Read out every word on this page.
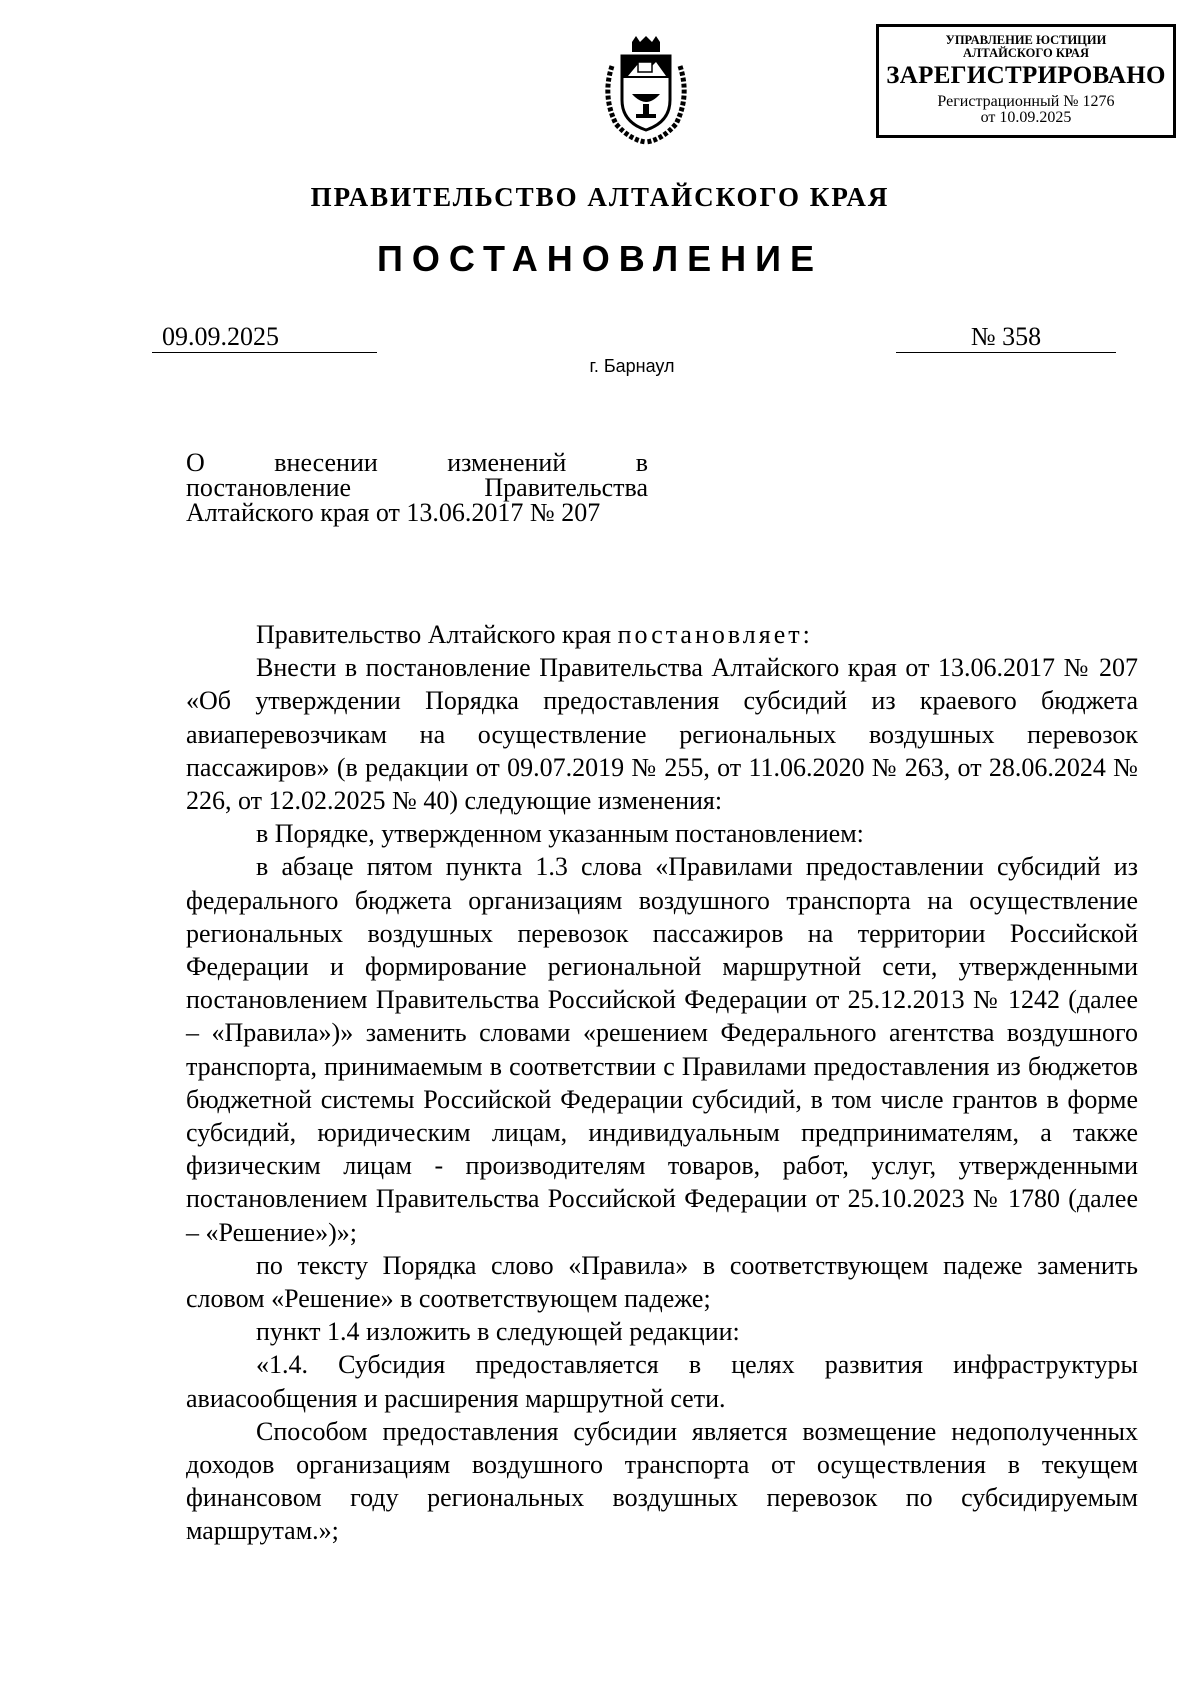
УПРАВЛЕНИЕ ЮСТИЦИИ
АЛТАЙСКОГО КРАЯ
ЗАРЕГИСТРИРОВАНО
Регистрационный № 1276
от 10.09.2025
ПРАВИТЕЛЬСТВО АЛТАЙСКОГО КРАЯ
ПОСТАНОВЛЕНИЕ
09.09.2025	№ 358
г. Барнаул
О внесении изменений в
постановление Правительства
Алтайского края от 13.06.2017 № 207

Правительство Алтайского края постановляет:

Внести в постановление Правительства Алтайского края от 13.06.2017 № 207 «Об утверждении Порядка предоставления субсидий из краевого бюджета авиаперевозчикам на осуществление региональных воздушных перевозок пассажиров» (в редакции от 09.07.2019 № 255, от 11.06.2020 № 263, от 28.06.2024 № 226, от 12.02.2025 № 40) следующие изменения:

в Порядке, утвержденном указанным постановлением:

в абзаце пятом пункта 1.3 слова «Правилами предоставлении субсидий из федерального бюджета организациям воздушного транспорта на осуществление региональных воздушных перевозок пассажиров на территории Российской Федерации и формирование региональной маршрутной сети, утвержденными постановлением Правительства Российской Федерации от 25.12.2013 № 1242 (далее – «Правила»)» заменить словами «решением Федерального агентства воздушного транспорта, принимаемым в соответствии с Правилами предоставления из бюджетов бюджетной системы Российской Федерации субсидий, в том числе грантов в форме субсидий, юридическим лицам, индивидуальным предпринимателям, а также физическим лицам - производителям товаров, работ, услуг, утвержденными постановлением Правительства Российской Федерации от 25.10.2023 № 1780 (далее – «Решение»)»;

по тексту Порядка слово «Правила» в соответствующем падеже заменить словом «Решение» в соответствующем падеже;

пункт 1.4 изложить в следующей редакции:

«1.4. Субсидия предоставляется в целях развития инфраструктуры авиасообщения и расширения маршрутной сети.

Способом предоставления субсидии является возмещение недополученных доходов организациям воздушного транспорта от осуществления в текущем финансовом году региональных воздушных перевозок по субсидируемым маршрутам.»;
